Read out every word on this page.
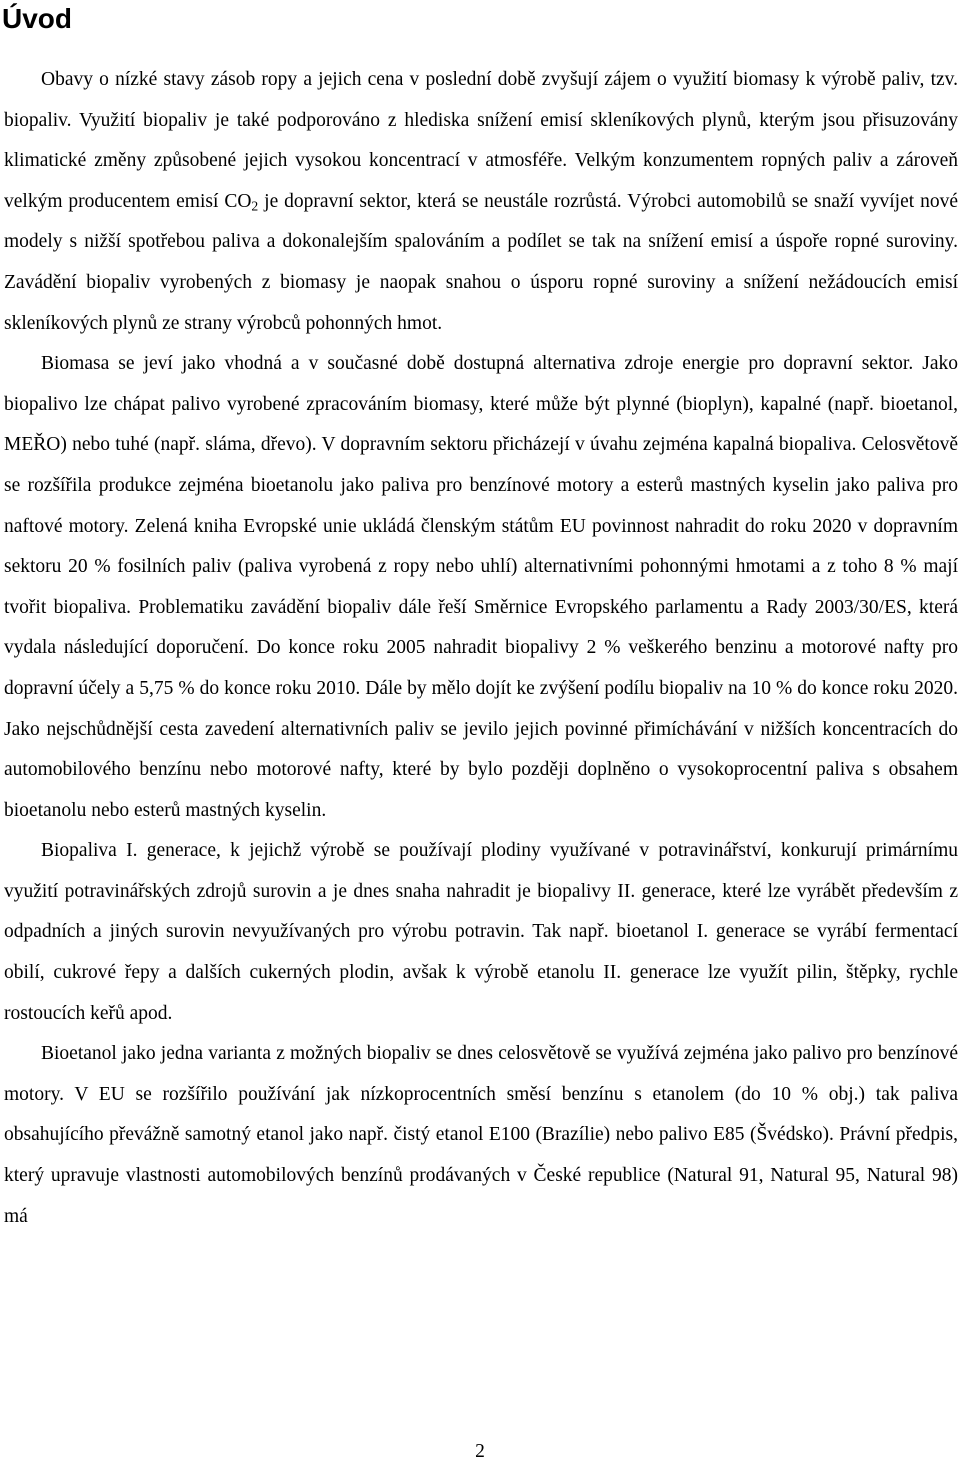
Úvod

Obavy o nízké stavy zásob ropy a jejich cena v poslední době zvyšují zájem o využití biomasy k výrobě paliv, tzv. biopaliv. Využití biopaliv je také podporováno z hlediska snížení emisí skleníkových plynů, kterým jsou přisuzovány klimatické změny způsobené jejich vysokou koncentrací v atmosféře. Velkým konzumentem ropných paliv a zároveň velkým producentem emisí $CO_2$ je dopravní sektor, která se neustále rozrůstá. Výrobci automobilů se snaží vyvíjet nové modely s nižší spotřebou paliva a dokonalejším spalováním a podílet se tak na snížení emisí a úspoře ropné suroviny. Zavádění biopaliv vyrobených z biomasy je naopak snahou o úsporu ropné suroviny a snížení nežádoucích emisí skleníkových plynů ze strany výrobců pohonných hmot.

Biomasa se jeví jako vhodná a v současné době dostupná alternativa zdroje energie pro dopravní sektor. Jako biopalivo lze chápat palivo vyrobené zpracováním biomasy, které může být plynné (bioplyn), kapalné (např. bioetanol, MEŘO) nebo tuhé (např. sláma, dřevo). V dopravním sektoru přicházejí v úvahu zejména kapalná biopaliva. Celosvětově se rozšířila produkce zejména bioetanolu jako paliva pro benzínové motory a esterů mastných kyselin jako paliva pro naftové motory. Zelená kniha Evropské unie ukládá členským státům EU povinnost nahradit do roku 2020 v dopravním sektoru 20 % fosilních paliv (paliva vyrobená z ropy nebo uhlí) alternativními pohonnými hmotami a z toho 8 % mají tvořit biopaliva. Problematiku zavádění biopaliv dále řeší Směrnice Evropského parlamentu a Rady 2003/30/ES, která vydala následující doporučení. Do konce roku 2005 nahradit biopalivy 2 % veškerého benzinu a motorové nafty pro dopravní účely a 5,75 % do konce roku 2010. Dále by mělo dojít ke zvýšení podílu biopaliv na 10 % do konce roku 2020. Jako nejschůdnější cesta zavedení alternativních paliv se jevilo jejich povinné přimíchávání v nižších koncentracích do automobilového benzínu nebo motorové nafty, které by bylo později doplněno o vysokoprocentní paliva s obsahem bioetanolu nebo esterů mastných kyselin.

Biopaliva I. generace, k jejichž výrobě se používají plodiny využívané v potravinářství, konkurují primárnímu využití potravinářských zdrojů surovin a je dnes snaha nahradit je biopalivy II. generace, které lze vyrábět především z odpadních a jiných surovin nevyužívaných pro výrobu potravin. Tak např. bioetanol I. generace se vyrábí fermentací obilí, cukrové řepy a dalších cukerných plodin, avšak k výrobě etanolu II. generace lze využít pilin, štěpky, rychle rostoucích keřů apod.

Bioetanol jako jedna varianta z možných biopaliv se dnes celosvětově se využívá zejména jako palivo pro benzínové motory. V EU se rozšířilo používání jak nízkoprocentních směsí benzínu s etanolem (do 10 % obj.) tak paliva obsahujícího převážně samotný etanol jako např. čistý etanol E100 (Brazílie) nebo palivo E85 (Švédsko). Právní předpis, který upravuje vlastnosti automobilových benzínů prodávaných v České republice (Natural 91, Natural 95, Natural 98) má

2
